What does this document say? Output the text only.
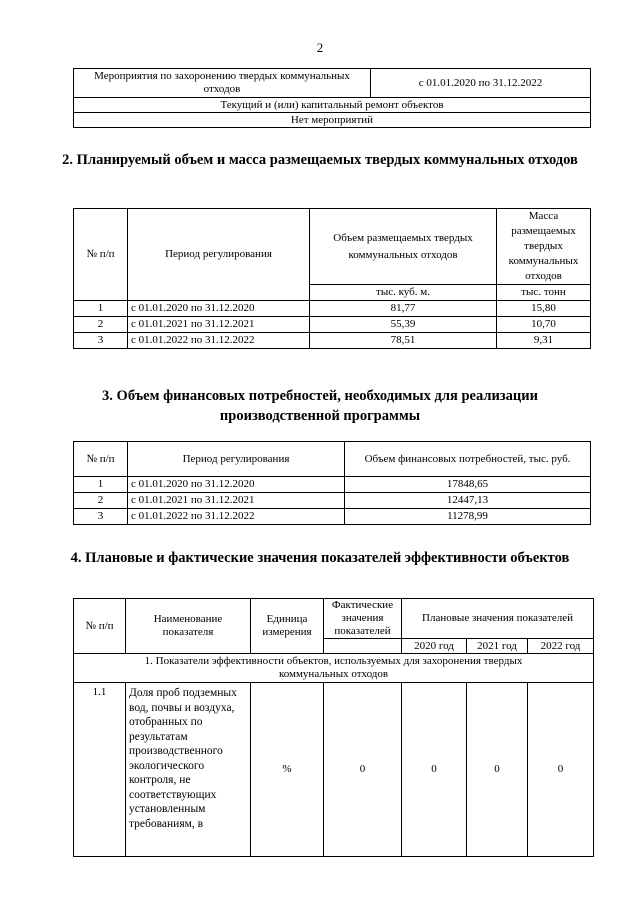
2
Мероприятия по захоронению твердых коммунальных отходов	с 01.01.2020 по 31.12.2022
Текущий и (или) капитальный ремонт объектов
Нет мероприятий
2. Планируемый объем и масса размещаемых твердых коммунальных отходов
№ п/п	Период регулирования	Объем размещаемых твердых коммунальных отходов	Масса размещаемых твердых коммунальных отходов
		тыс. куб. м.	тыс. тонн
1	с 01.01.2020 по 31.12.2020	81,77	15,80
2	с 01.01.2021 по 31.12.2021	55,39	10,70
3	с 01.01.2022 по 31.12.2022	78,51	9,31
3. Объем финансовых потребностей, необходимых для реализации производственной программы
№ п/п	Период регулирования	Объем финансовых потребностей, тыс. руб.
1	с 01.01.2020 по 31.12.2020	17848,65
2	с 01.01.2021 по 31.12.2021	12447,13
3	с 01.01.2022 по 31.12.2022	11278,99
4. Плановые и фактические значения показателей эффективности объектов
№ п/п	Наименование показателя	Единица измерения	Фактические значения показателей	Плановые значения показателей		
				2020 год	2021 год	2022 год
1. Показатели эффективности объектов, используемых для захоронения твердых коммунальных отходов						
1.1	Доля проб подземных вод, почвы и воздуха, отобранных по результатам производственного экологического контроля, не соответствующих установленным требованиям, в	%	0	0	0	0
